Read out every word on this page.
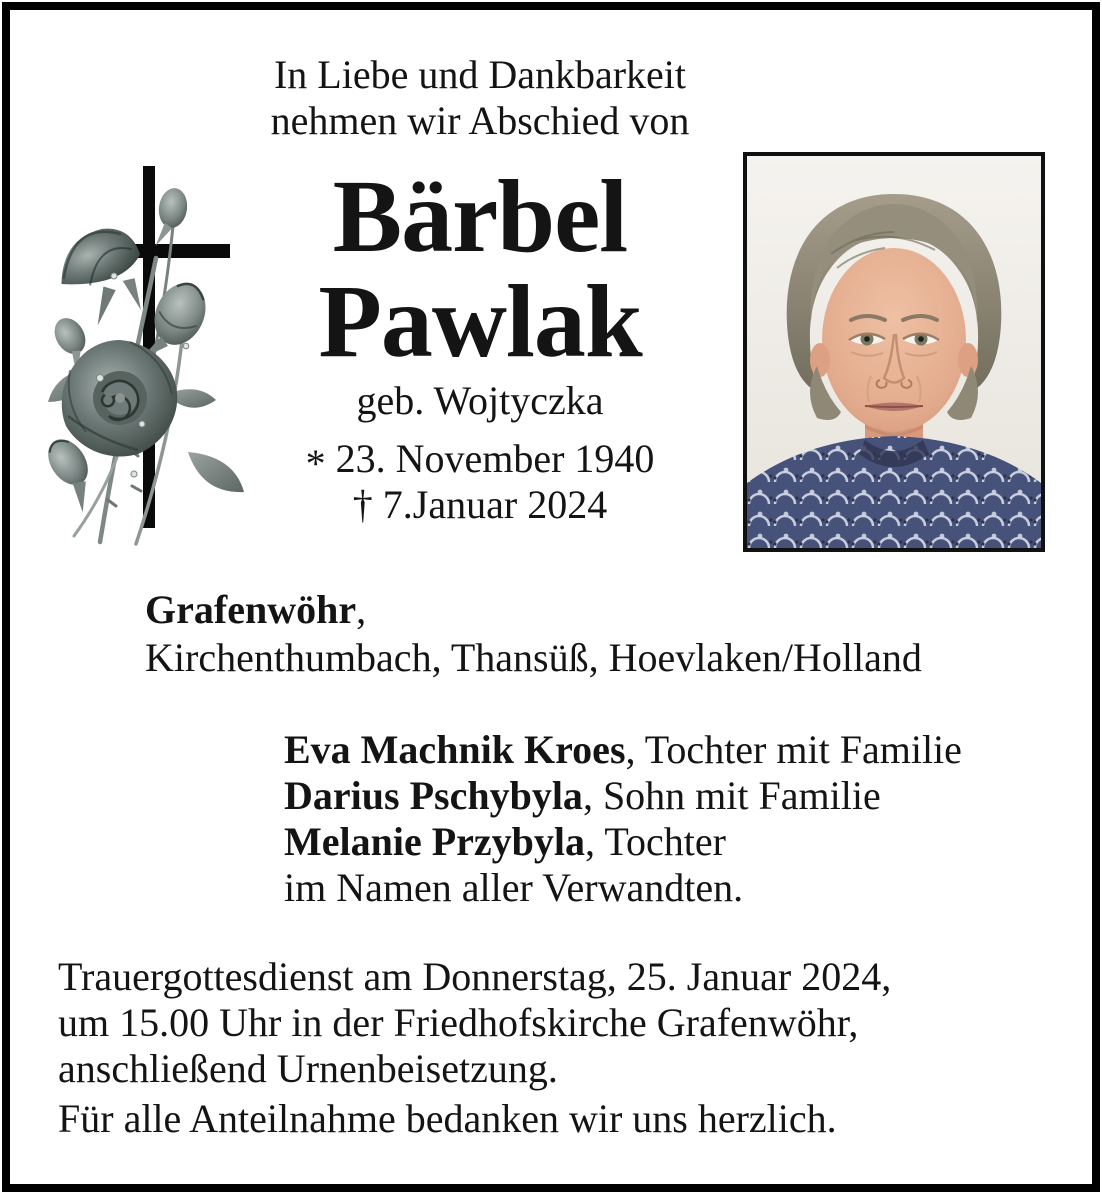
In Liebe und Dankbarkeit
nehmen wir Abschied von
Bärbel
Pawlak
geb. Wojtyczka
* 23. November 1940
† 7.Januar 2024
Grafenwöhr,
Kirchenthumbach, Thansüß, Hoevlaken/Holland
Eva Machnik Kroes, Tochter mit Familie
Darius Pschybyla, Sohn mit Familie
Melanie Przybyla, Tochter
im Namen aller Verwandten.
Trauergottesdienst am Donnerstag, 25. Januar 2024,
um 15.00 Uhr in der Friedhofskirche Grafenwöhr,
anschließend Urnenbeisetzung.
Für alle Anteilnahme bedanken wir uns herzlich.
